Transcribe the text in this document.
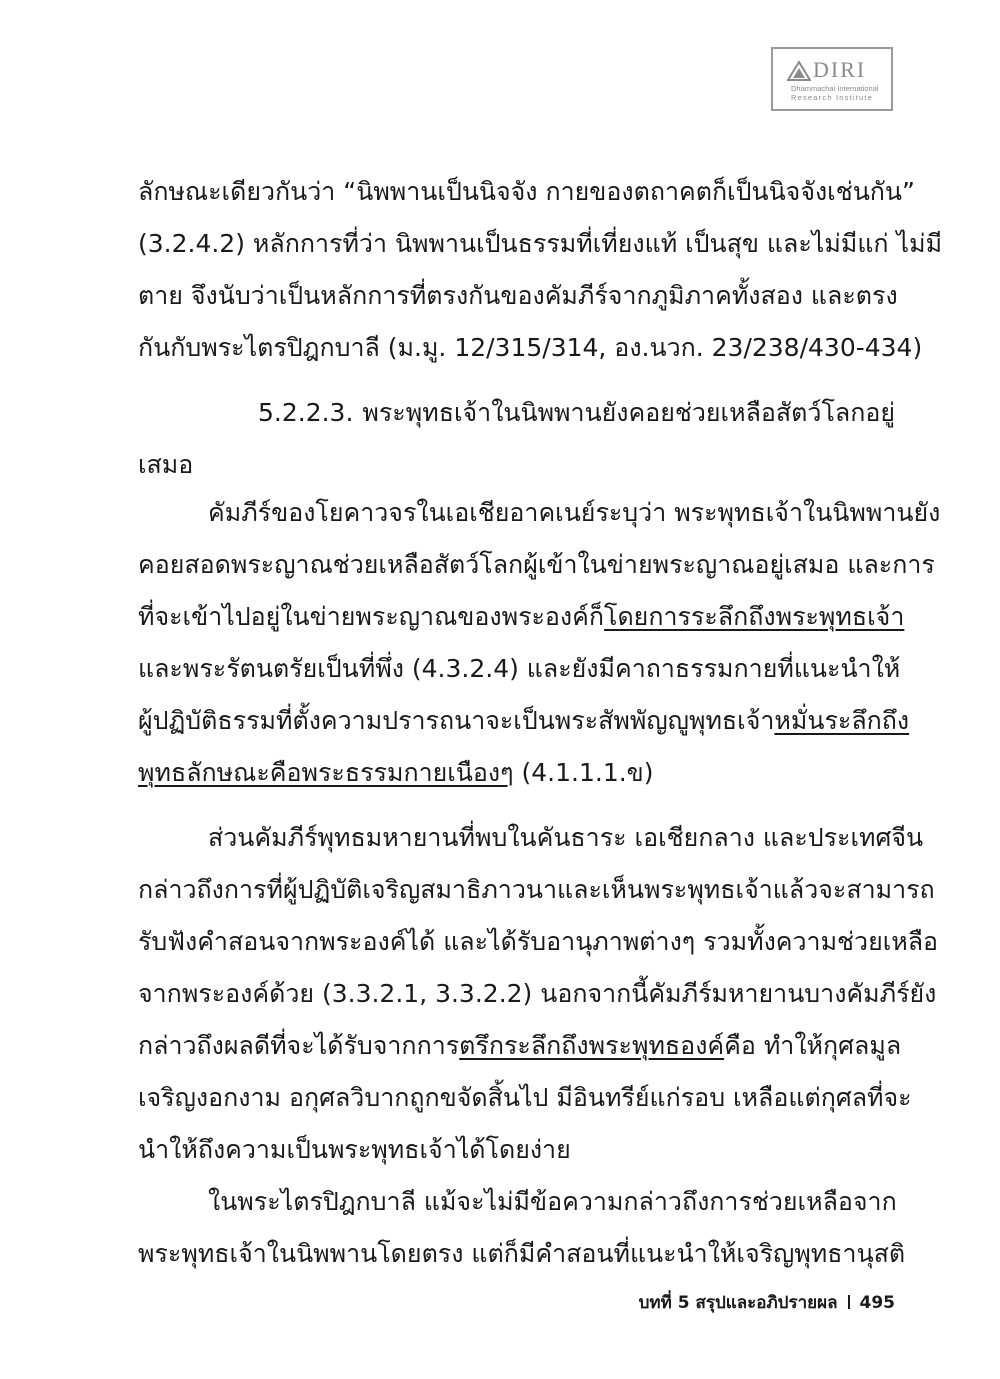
DIRI
Dhammachai International
Research Institute
ลักษณะเดียวกันว่า “นิพพานเป็นนิจจัง กายของตถาคตก็เป็นนิจจังเช่นกัน”
(3.2.4.2) หลักการที่ว่า นิพพานเป็นธรรมที่เที่ยงแท้ เป็นสุข และไม่มีแก่ ไม่มี
ตาย จึงนับว่าเป็นหลักการที่ตรงกันของคัมภีร์จากภูมิภาคทั้งสอง และตรง
กันกับพระไตรปิฎกบาลี (ม.มู. 12/315/314, อง.นวก. 23/238/430-434)
5.2.2.3. พระพุทธเจ้าในนิพพานยังคอยช่วยเหลือสัตว์โลกอยู่
เสมอ
คัมภีร์ของโยคาวจรในเอเชียอาคเนย์ระบุว่า พระพุทธเจ้าในนิพพานยัง
คอยสอดพระญาณช่วยเหลือสัตว์โลกผู้เข้าในข่ายพระญาณอยู่เสมอ และการ
ที่จะเข้าไปอยู่ในข่ายพระญาณของพระองค์ก็โดยการระลึกถึงพระพุทธเจ้า
และพระรัตนตรัยเป็นที่พึ่ง (4.3.2.4) และยังมีคาถาธรรมกายที่แนะนำให้
ผู้ปฏิบัติธรรมที่ตั้งความปรารถนาจะเป็นพระสัพพัญญูพุทธเจ้าหมั่นระลึกถึง
พุทธลักษณะคือพระธรรมกายเนืองๆ (4.1.1.1.ข)
ส่วนคัมภีร์พุทธมหายานที่พบในคันธาระ เอเชียกลาง และประเทศจีน
กล่าวถึงการที่ผู้ปฏิบัติเจริญสมาธิภาวนาและเห็นพระพุทธเจ้าแล้วจะสามารถ
รับฟังคำสอนจากพระองค์ได้ และได้รับอานุภาพต่างๆ รวมทั้งความช่วยเหลือ
จากพระองค์ด้วย (3.3.2.1, 3.3.2.2) นอกจากนี้คัมภีร์มหายานบางคัมภีร์ยัง
กล่าวถึงผลดีที่จะได้รับจากการตรึกระลึกถึงพระพุทธองค์คือ ทำให้กุศลมูล
เจริญงอกงาม อกุศลวิบากถูกขจัดสิ้นไป มีอินทรีย์แก่รอบ เหลือแต่กุศลที่จะ
นำให้ถึงความเป็นพระพุทธเจ้าได้โดยง่าย
ในพระไตรปิฎกบาลี แม้จะไม่มีข้อความกล่าวถึงการช่วยเหลือจาก
พระพุทธเจ้าในนิพพานโดยตรง แต่ก็มีคำสอนที่แนะนำให้เจริญพุทธานุสติ
บทที่ 5 สรุปและอภิปรายผล 495
